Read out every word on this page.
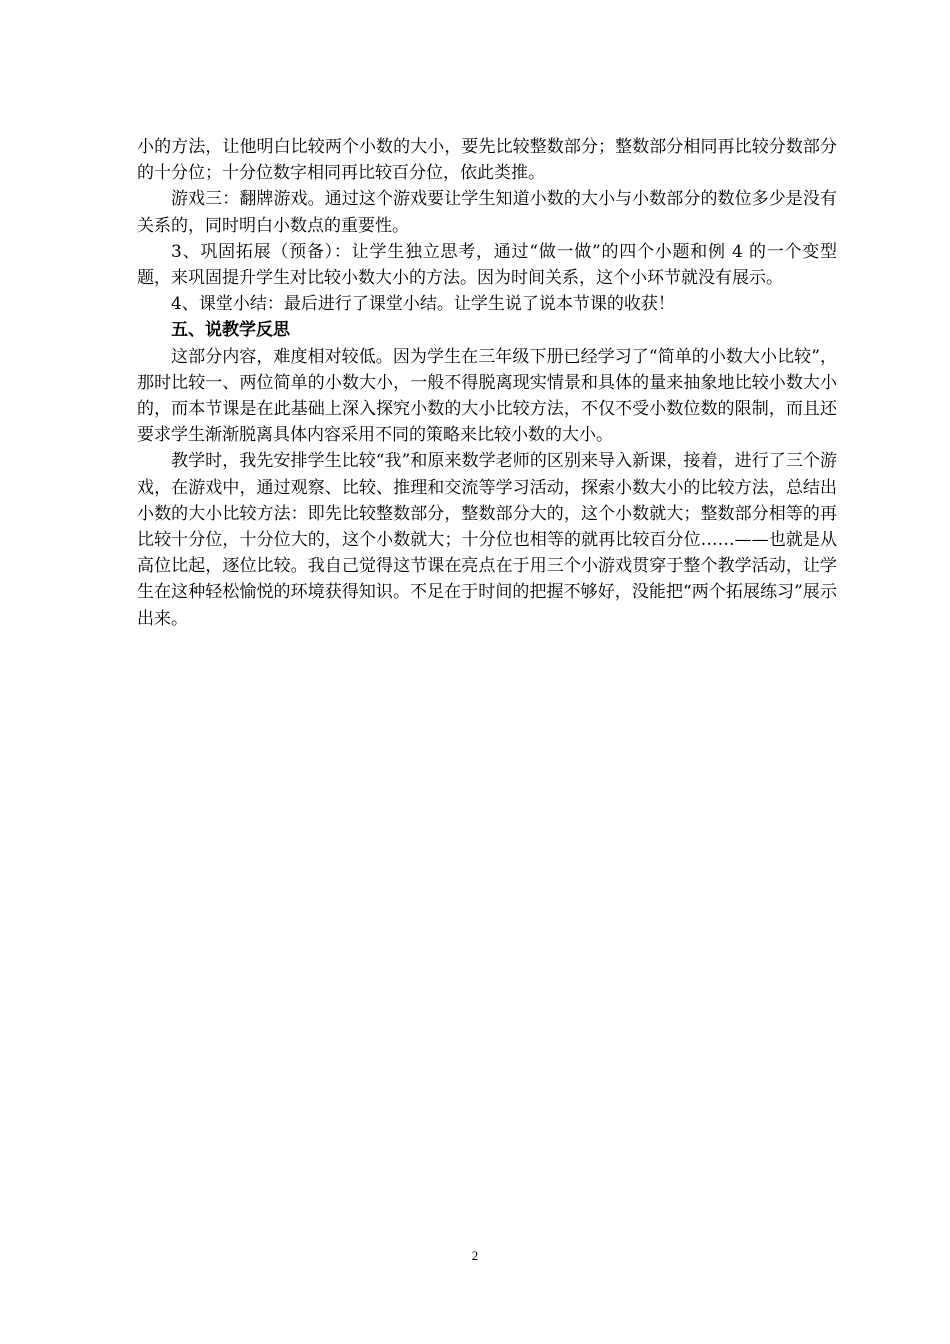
小的方法，让他明白比较两个小数的大小，要先比较整数部分；整数部分相同再比较分数部分的十分位；十分位数字相同再比较百分位，依此类推。

游戏三：翻牌游戏。通过这个游戏要让学生知道小数的大小与小数部分的数位多少是没有关系的，同时明白小数点的重要性。

3、巩固拓展（预备）：让学生独立思考，通过“做一做”的四个小题和例 4 的一个变型题，来巩固提升学生对比较小数大小的方法。因为时间关系，这个小环节就没有展示。

4、课堂小结：最后进行了课堂小结。让学生说了说本节课的收获！

五、说教学反思

这部分内容，难度相对较低。因为学生在三年级下册已经学习了“简单的小数大小比较”，那时比较一、两位简单的小数大小，一般不得脱离现实情景和具体的量来抽象地比较小数大小的，而本节课是在此基础上深入探究小数的大小比较方法，不仅不受小数位数的限制，而且还要求学生渐渐脱离具体内容采用不同的策略来比较小数的大小。

教学时，我先安排学生比较“我”和原来数学老师的区别来导入新课，接着，进行了三个游戏，在游戏中，通过观察、比较、推理和交流等学习活动，探索小数大小的比较方法，总结出小数的大小比较方法：即先比较整数部分，整数部分大的，这个小数就大；整数部分相等的再比较十分位，十分位大的，这个小数就大；十分位也相等的就再比较百分位……——也就是从高位比起，逐位比较。我自己觉得这节课在亮点在于用三个小游戏贯穿于整个教学活动，让学生在这种轻松愉悦的环境获得知识。不足在于时间的把握不够好，没能把“两个拓展练习”展示出来。

2
